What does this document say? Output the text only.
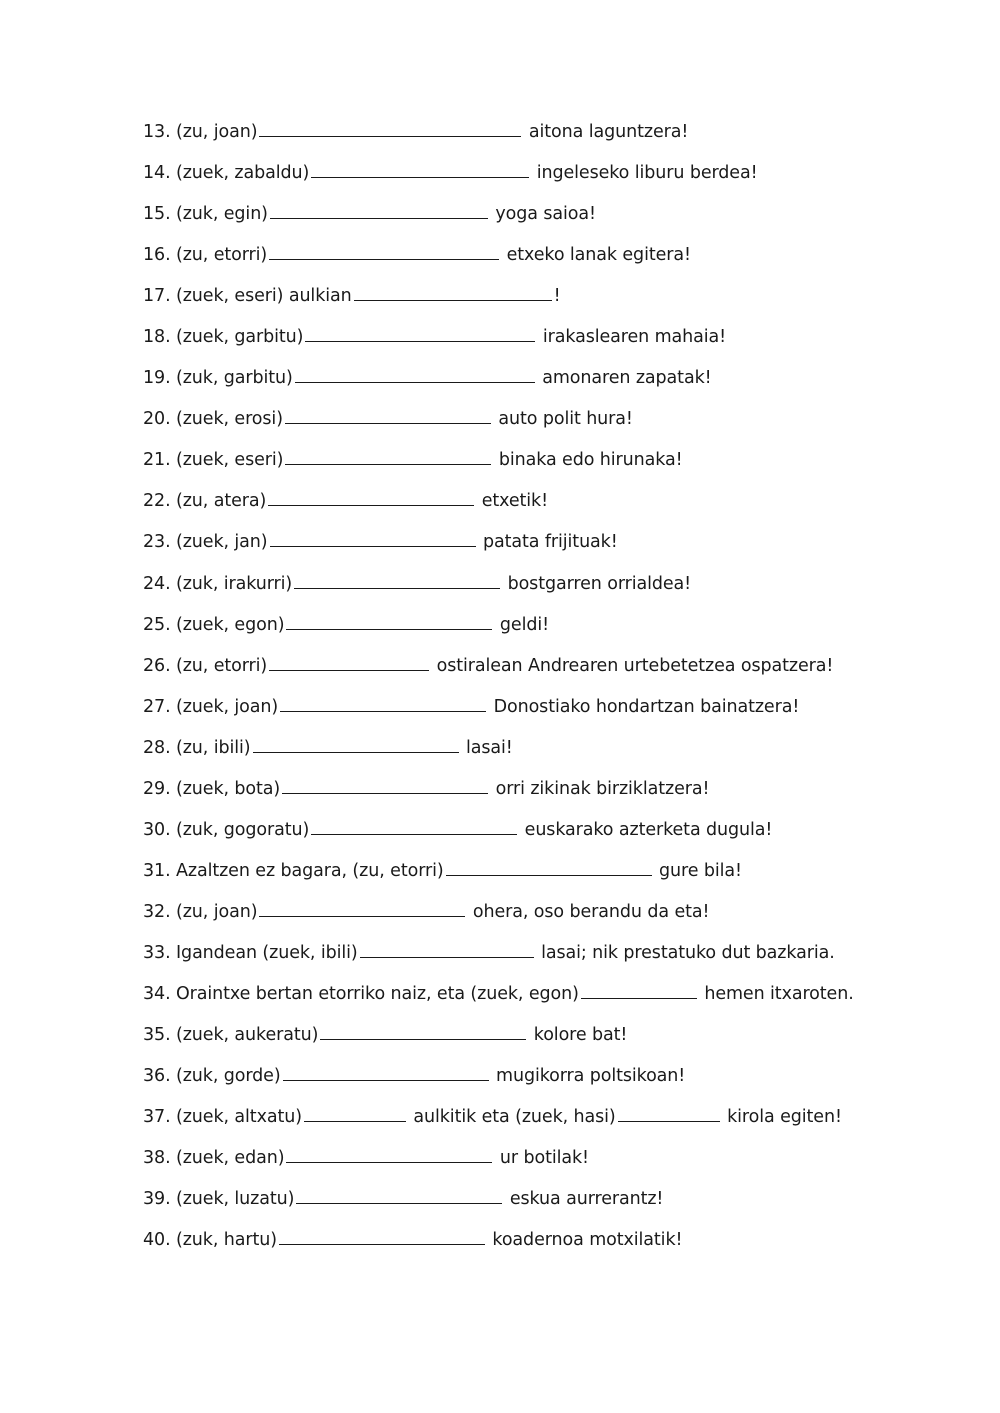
13. (zu, joan)	aitona laguntzera!
14. (zuek, zabaldu)	ingeleseko liburu berdea!
15. (zuk, egin)	yoga saioa!
16. (zu, etorri)	etxeko lanak egitera!
17. (zuek, eseri) aulkian	!
18. (zuek, garbitu)	irakaslearen mahaia!
19. (zuk, garbitu)	amonaren zapatak!
20. (zuek, erosi)	auto polit hura!
21. (zuek, eseri)	binaka edo hirunaka!
22. (zu, atera)	etxetik!
23. (zuek, jan)	patata frijituak!
24. (zuk, irakurri)	bostgarren orrialdea!
25. (zuek, egon)	geldi!
26. (zu, etorri)	ostiralean Andrearen urtebetetzea ospatzera!
27. (zuek, joan)	Donostiako hondartzan bainatzera!
28. (zu, ibili)	lasai!
29. (zuek, bota)	orri zikinak birziklatzera!
30. (zuk, gogoratu)	euskarako azterketa dugula!
31. Azaltzen ez bagara, (zu, etorri)	gure bila!
32. (zu, joan)	ohera, oso berandu da eta!
33. Igandean (zuek, ibili)	lasai; nik prestatuko dut bazkaria.
34. Oraintxe bertan etorriko naiz, eta (zuek, egon)	hemen itxaroten.
35. (zuek, aukeratu)	kolore bat!
36. (zuk, gorde)	mugikorra poltsikoan!
37. (zuek, altxatu)	aulkitik eta (zuek, hasi)	kirola egiten!
38. (zuek, edan)	ur botilak!
39. (zuek, luzatu)	eskua aurrerantz!
40. (zuk, hartu)	koadernoa motxilatik!
